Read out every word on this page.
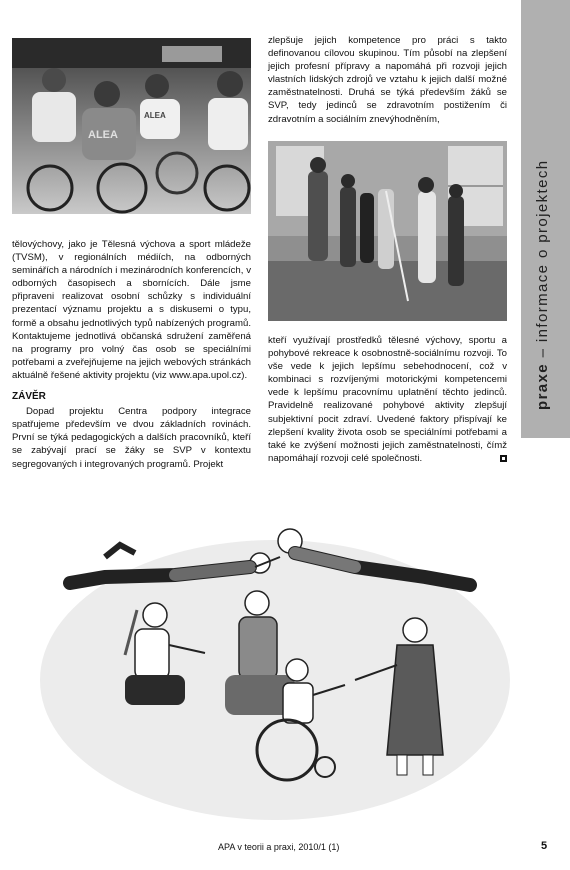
ALEA
ALEA

tělovýchovy, jako je Tělesná výchova a sport mládeže (TVSM), v regionálních médiích, na odborných seminářích a národních i mezinárodních konferencích, v odborných časopisech a sbornících. Dále jsme připraveni realizovat osobní schůzky s individuální prezentací významu projektu a s diskusemi o typu, formě a obsahu jednotlivých typů nabízených programů. Kontaktujeme jednotlivá občanská sdružení zaměřená na programy pro volný čas osob se speciálními potřebami a zveřejňujeme na jejich webových stránkách aktuálně řešené aktivity projektu (viz www.apa.upol.cz).

ZÁVĚR

Dopad projektu Centra podpory integrace spatřujeme především ve dvou základních rovinách. První se týká pedagogických a dalších pracovníků, kteří se zabývají prací se žáky se SVP v kontextu segregovaných i integrovaných programů. Projekt

zlepšuje jejich kompetence pro práci s takto definovanou cílovou skupinou. Tím působí na zlepšení jejich profesní přípravy a napomáhá při rozvoji jejich vlastních lidských zdrojů ve vztahu k jejich další možné zaměstnatelnosti. Druhá se týká především žáků se SVP, tedy jedinců se zdravotním postižením či zdravotním a sociálním znevýhodněním,

kteří využívají prostředků tělesné výchovy, sportu a pohybové rekreace k osobnostně-sociálnímu rozvoji. To vše vede k jejich lepšímu sebehodnocení, což v kombinaci s rozvíjenými motorickými kompetencemi vede k lepšímu pracovnímu uplatnění těchto jedinců. Pravidelně realizované pohybové aktivity zlepšují subjektivní pocit zdraví. Uvedené faktory přispívají ke zlepšení kvality života osob se speciálními potřebami a také ke zvýšení možnosti jejich zaměstnatelnosti, čímž napomáhají rozvoji celé společnosti.

praxe – informace o projektech
APA v teorii a praxi, 2010/1 (1)	5
